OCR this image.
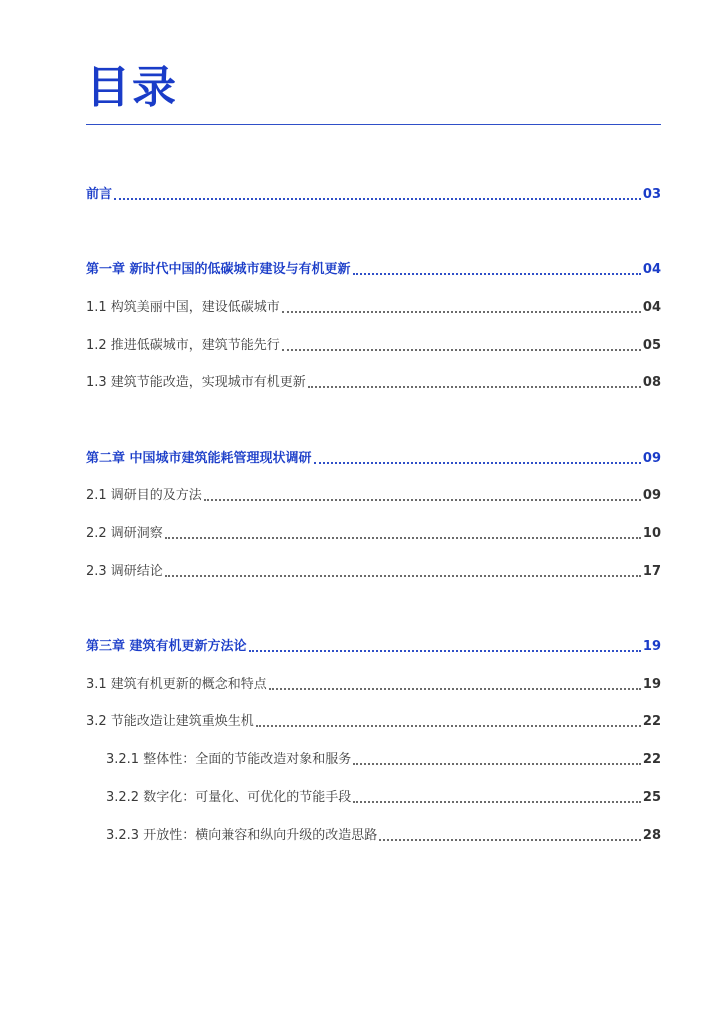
目录
前言	03
第一章 新时代中国的低碳城市建设与有机更新	04
1.1 构筑美丽中国，建设低碳城市	04
1.2 推进低碳城市，建筑节能先行	05
1.3 建筑节能改造，实现城市有机更新	08
第二章 中国城市建筑能耗管理现状调研	09
2.1 调研目的及方法	09
2.2 调研洞察	10
2.3 调研结论	17
第三章 建筑有机更新方法论	19
3.1 建筑有机更新的概念和特点	19
3.2 节能改造让建筑重焕生机	22
3.2.1 整体性：全面的节能改造对象和服务	22
3.2.2 数字化：可量化、可优化的节能手段	25
3.2.3 开放性：横向兼容和纵向升级的改造思路	28
